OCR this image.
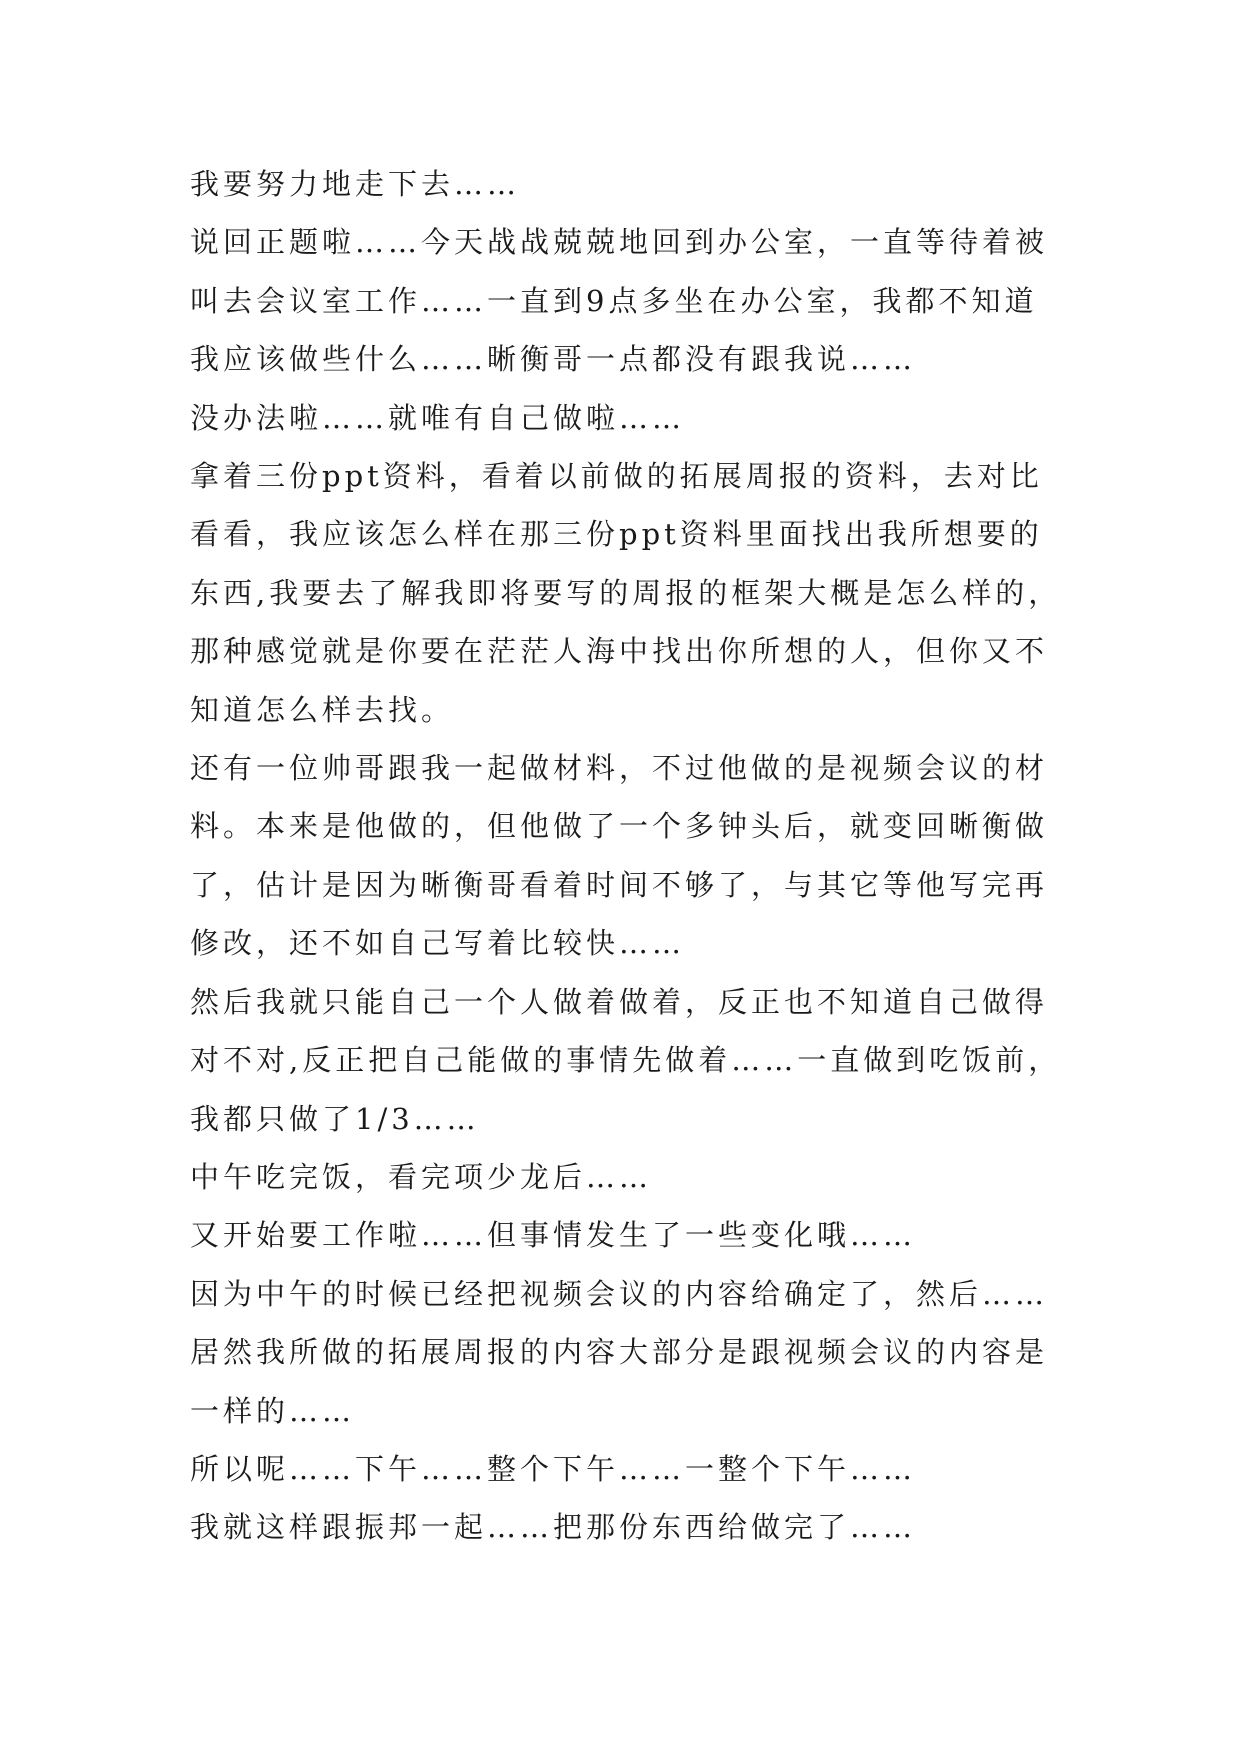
我要努力地走下去……

说回正题啦……今天战战兢兢地回到办公室，一直等待着被叫去会议室工作……一直到9点多坐在办公室，我都不知道我应该做些什么……晰衡哥一点都没有跟我说……

没办法啦……就唯有自己做啦……

拿着三份ppt资料，看着以前做的拓展周报的资料，去对比看看，我应该怎么样在那三份ppt资料里面找出我所想要的东西,我要去了解我即将要写的周报的框架大概是怎么样的，那种感觉就是你要在茫茫人海中找出你所想的人，但你又不知道怎么样去找。

还有一位帅哥跟我一起做材料，不过他做的是视频会议的材料。本来是他做的，但他做了一个多钟头后，就变回晰衡做了，估计是因为晰衡哥看着时间不够了，与其它等他写完再修改，还不如自己写着比较快……

然后我就只能自己一个人做着做着，反正也不知道自己做得对不对,反正把自己能做的事情先做着……一直做到吃饭前，我都只做了1/3……

中午吃完饭，看完项少龙后……

又开始要工作啦……但事情发生了一些变化哦……

因为中午的时候已经把视频会议的内容给确定了，然后……居然我所做的拓展周报的内容大部分是跟视频会议的内容是一样的……

所以呢……下午……整个下午……一整个下午……

我就这样跟振邦一起……把那份东西给做完了……
